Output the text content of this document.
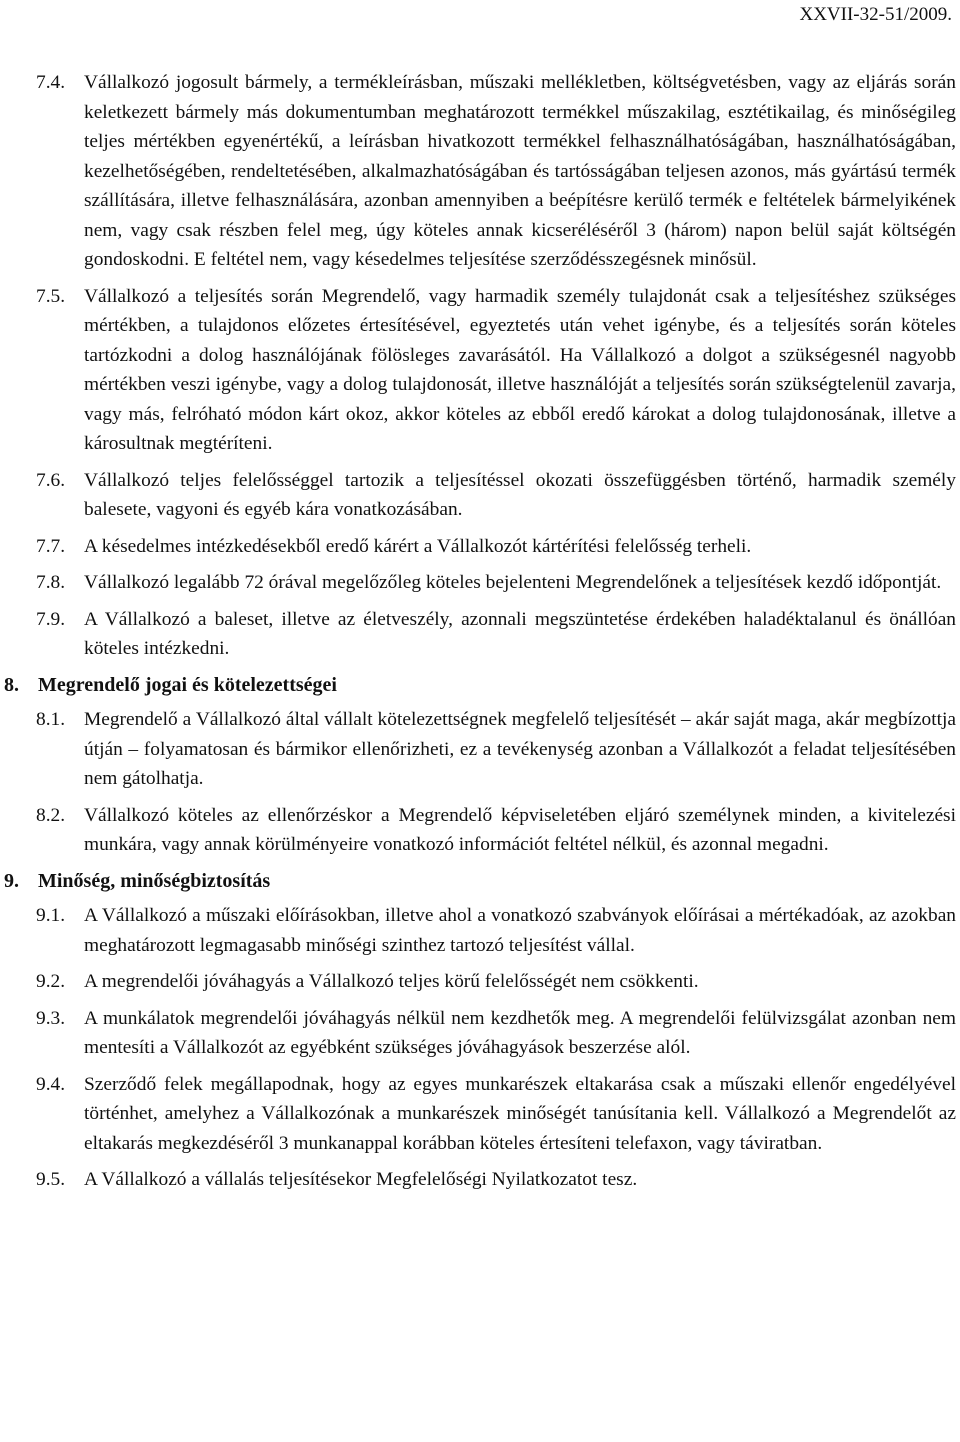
XXVII-32-51/2009.
7.4. Vállalkozó jogosult bármely, a termékleírásban, műszaki mellékletben, költségvetésben, vagy az eljárás során keletkezett bármely más dokumentumban meghatározott termékkel műszakilag, esztétikailag, és minőségileg teljes mértékben egyenértékű, a leírásban hivatkozott termékkel felhasználhatóságában, használhatóságában, kezelhetőségében, rendeltetésében, alkalmazhatóságában és tartósságában teljesen azonos, más gyártású termék szállítására, illetve felhasználására, azonban amennyiben a beépítésre kerülő termék e feltételek bármelyikének nem, vagy csak részben felel meg, úgy köteles annak kicseréléséről 3 (három) napon belül saját költségén gondoskodni. E feltétel nem, vagy késedelmes teljesítése szerződésszegésnek minősül.
7.5. Vállalkozó a teljesítés során Megrendelő, vagy harmadik személy tulajdonát csak a teljesítéshez szükséges mértékben, a tulajdonos előzetes értesítésével, egyeztetés után vehet igénybe, és a teljesítés során köteles tartózkodni a dolog használójának fölösleges zavarásától. Ha Vállalkozó a dolgot a szükségesnél nagyobb mértékben veszi igénybe, vagy a dolog tulajdonosát, illetve használóját a teljesítés során szükségtelenül zavarja, vagy más, felróható módon kárt okoz, akkor köteles az ebből eredő károkat a dolog tulajdonosának, illetve a károsultnak megtéríteni.
7.6. Vállalkozó teljes felelősséggel tartozik a teljesítéssel okozati összefüggésben történő, harmadik személy balesete, vagyoni és egyéb kára vonatkozásában.
7.7. A késedelmes intézkedésekből eredő kárért a Vállalkozót kártérítési felelősség terheli.
7.8. Vállalkozó legalább 72 órával megelőzőleg köteles bejelenteni Megrendelőnek a teljesítések kezdő időpontját.
7.9. A Vállalkozó a baleset, illetve az életveszély, azonnali megszüntetése érdekében haladéktalanul és önállóan köteles intézkedni.
8. Megrendelő jogai és kötelezettségei
8.1. Megrendelő a Vállalkozó által vállalt kötelezettségnek megfelelő teljesítését – akár saját maga, akár megbízottja útján – folyamatosan és bármikor ellenőrizheti, ez a tevékenység azonban a Vállalkozót a feladat teljesítésében nem gátolhatja.
8.2. Vállalkozó köteles az ellenőrzéskor a Megrendelő képviseletében eljáró személynek minden, a kivitelezési munkára, vagy annak körülményeire vonatkozó információt feltétel nélkül, és azonnal megadni.
9. Minőség, minőségbiztosítás
9.1. A Vállalkozó a műszaki előírásokban, illetve ahol a vonatkozó szabványok előírásai a mértékadóak, az azokban meghatározott legmagasabb minőségi szinthez tartozó teljesítést vállal.
9.2. A megrendelői jóváhagyás a Vállalkozó teljes körű felelősségét nem csökkenti.
9.3. A munkálatok megrendelői jóváhagyás nélkül nem kezdhetők meg. A megrendelői felülvizsgálat azonban nem mentesíti a Vállalkozót az egyébként szükséges jóváhagyások beszerzése alól.
9.4. Szerződő felek megállapodnak, hogy az egyes munkarészek eltakarása csak a műszaki ellenőr engedélyével történhet, amelyhez a Vállalkozónak a munkarészek minőségét tanúsítania kell. Vállalkozó a Megrendelőt az eltakarás megkezdéséről 3 munkanappal korábban köteles értesíteni telefaxon, vagy táviratban.
9.5. A Vállalkozó a vállalás teljesítésekor Megfelelőségi Nyilatkozatot tesz.
